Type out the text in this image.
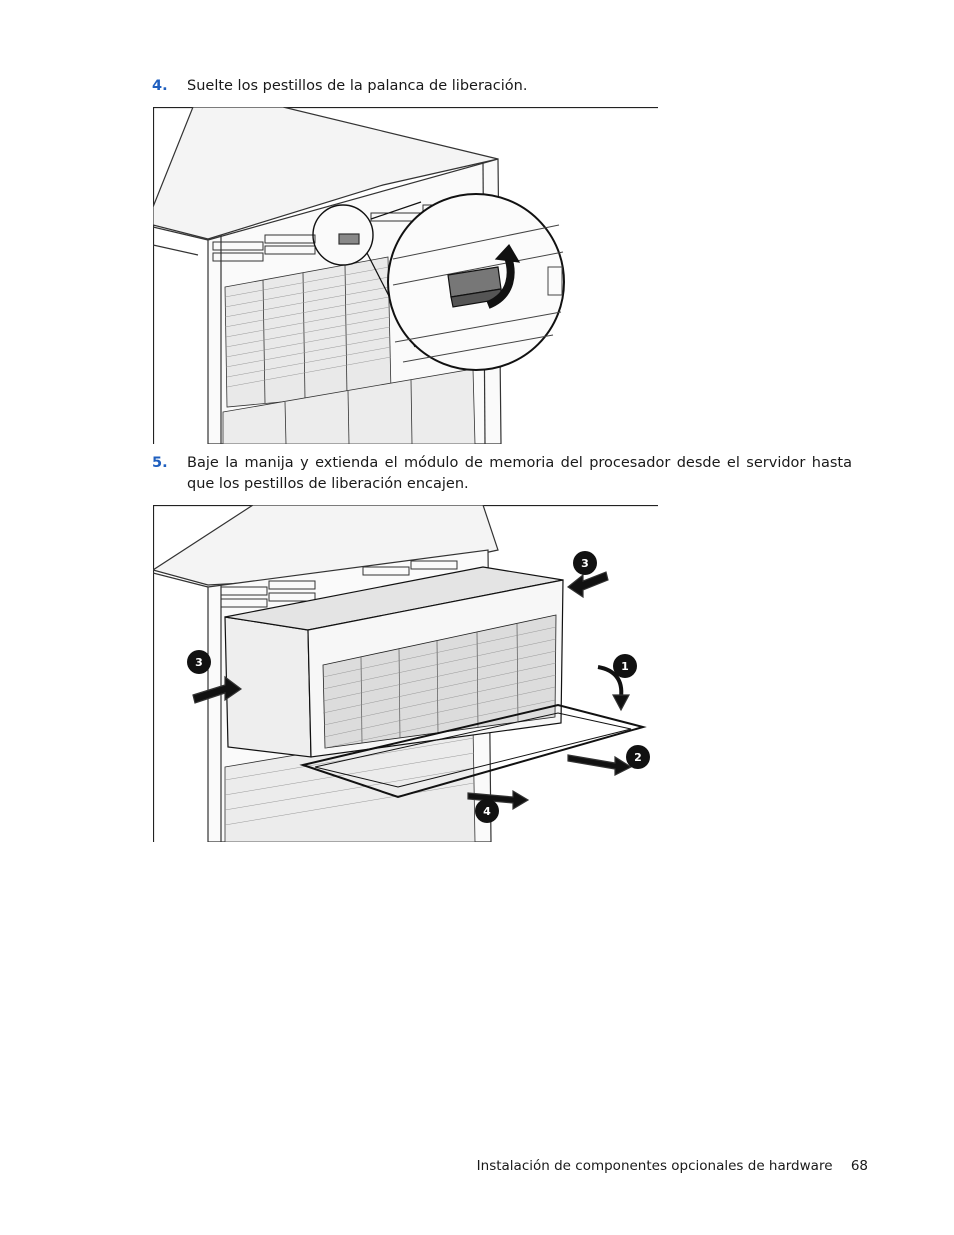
4. Suelte los pestillos de la palanca de liberación.
5. Baje la manija y extienda el módulo de memoria del procesador desde el servidor hasta que los pestillos de liberación encajen.
1
2
3
3
4
Instalación de componentes opcionales de hardware 68
